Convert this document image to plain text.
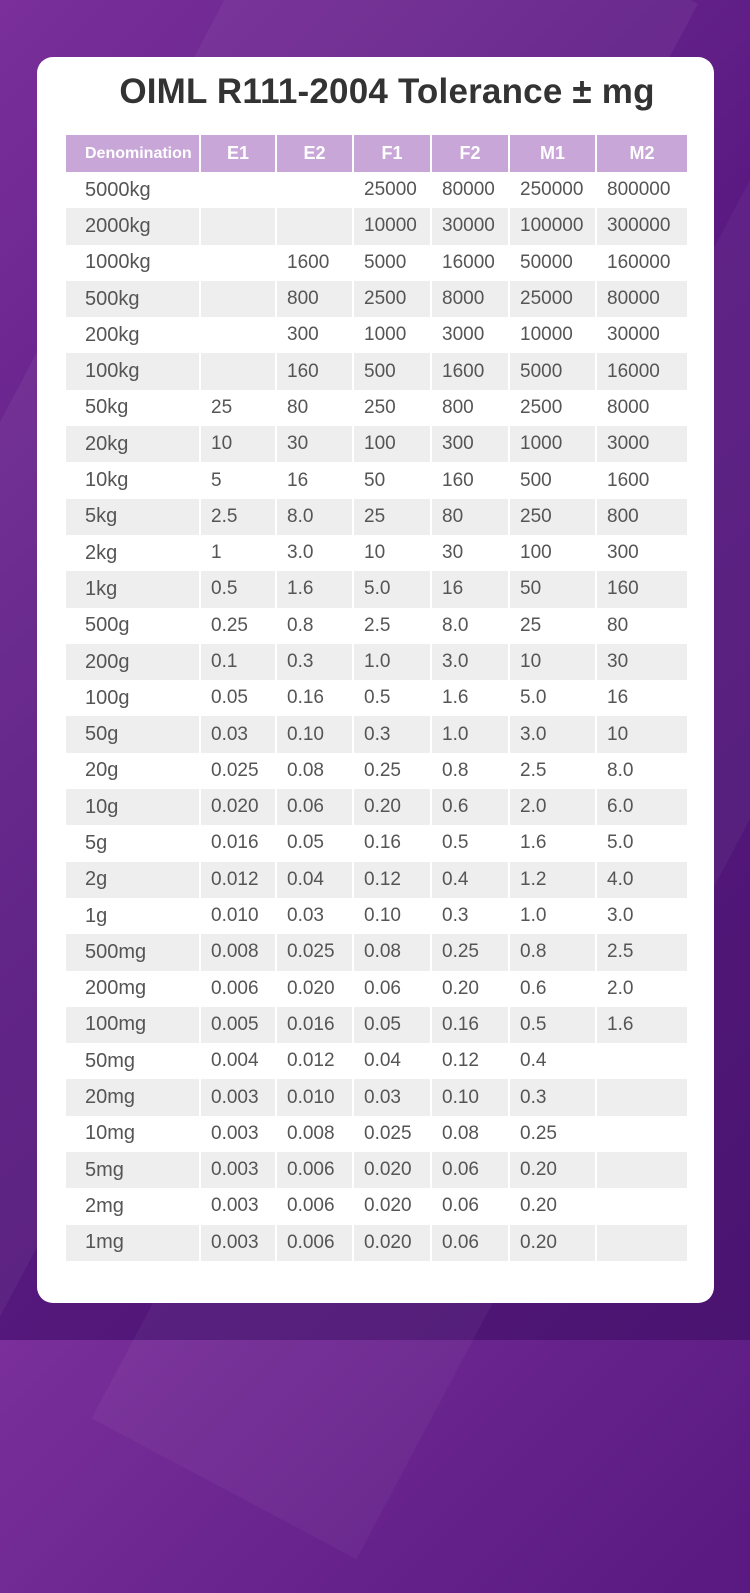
OIML R111-2004 Tolerance ± mg
Denomination	E1	E2	F1	F2	M1	M2
5000kg			25000	80000	250000	800000
2000kg			10000	30000	100000	300000
1000kg		1600	5000	16000	50000	160000
500kg		800	2500	8000	25000	80000
200kg		300	1000	3000	10000	30000
100kg		160	500	1600	5000	16000
50kg	25	80	250	800	2500	8000
20kg	10	30	100	300	1000	3000
10kg	5	16	50	160	500	1600
5kg	2.5	8.0	25	80	250	800
2kg	1	3.0	10	30	100	300
1kg	0.5	1.6	5.0	16	50	160
500g	0.25	0.8	2.5	8.0	25	80
200g	0.1	0.3	1.0	3.0	10	30
100g	0.05	0.16	0.5	1.6	5.0	16
50g	0.03	0.10	0.3	1.0	3.0	10
20g	0.025	0.08	0.25	0.8	2.5	8.0
10g	0.020	0.06	0.20	0.6	2.0	6.0
5g	0.016	0.05	0.16	0.5	1.6	5.0
2g	0.012	0.04	0.12	0.4	1.2	4.0
1g	0.010	0.03	0.10	0.3	1.0	3.0
500mg	0.008	0.025	0.08	0.25	0.8	2.5
200mg	0.006	0.020	0.06	0.20	0.6	2.0
100mg	0.005	0.016	0.05	0.16	0.5	1.6
50mg	0.004	0.012	0.04	0.12	0.4	
20mg	0.003	0.010	0.03	0.10	0.3	
10mg	0.003	0.008	0.025	0.08	0.25	
5mg	0.003	0.006	0.020	0.06	0.20	
2mg	0.003	0.006	0.020	0.06	0.20	
1mg	0.003	0.006	0.020	0.06	0.20	
